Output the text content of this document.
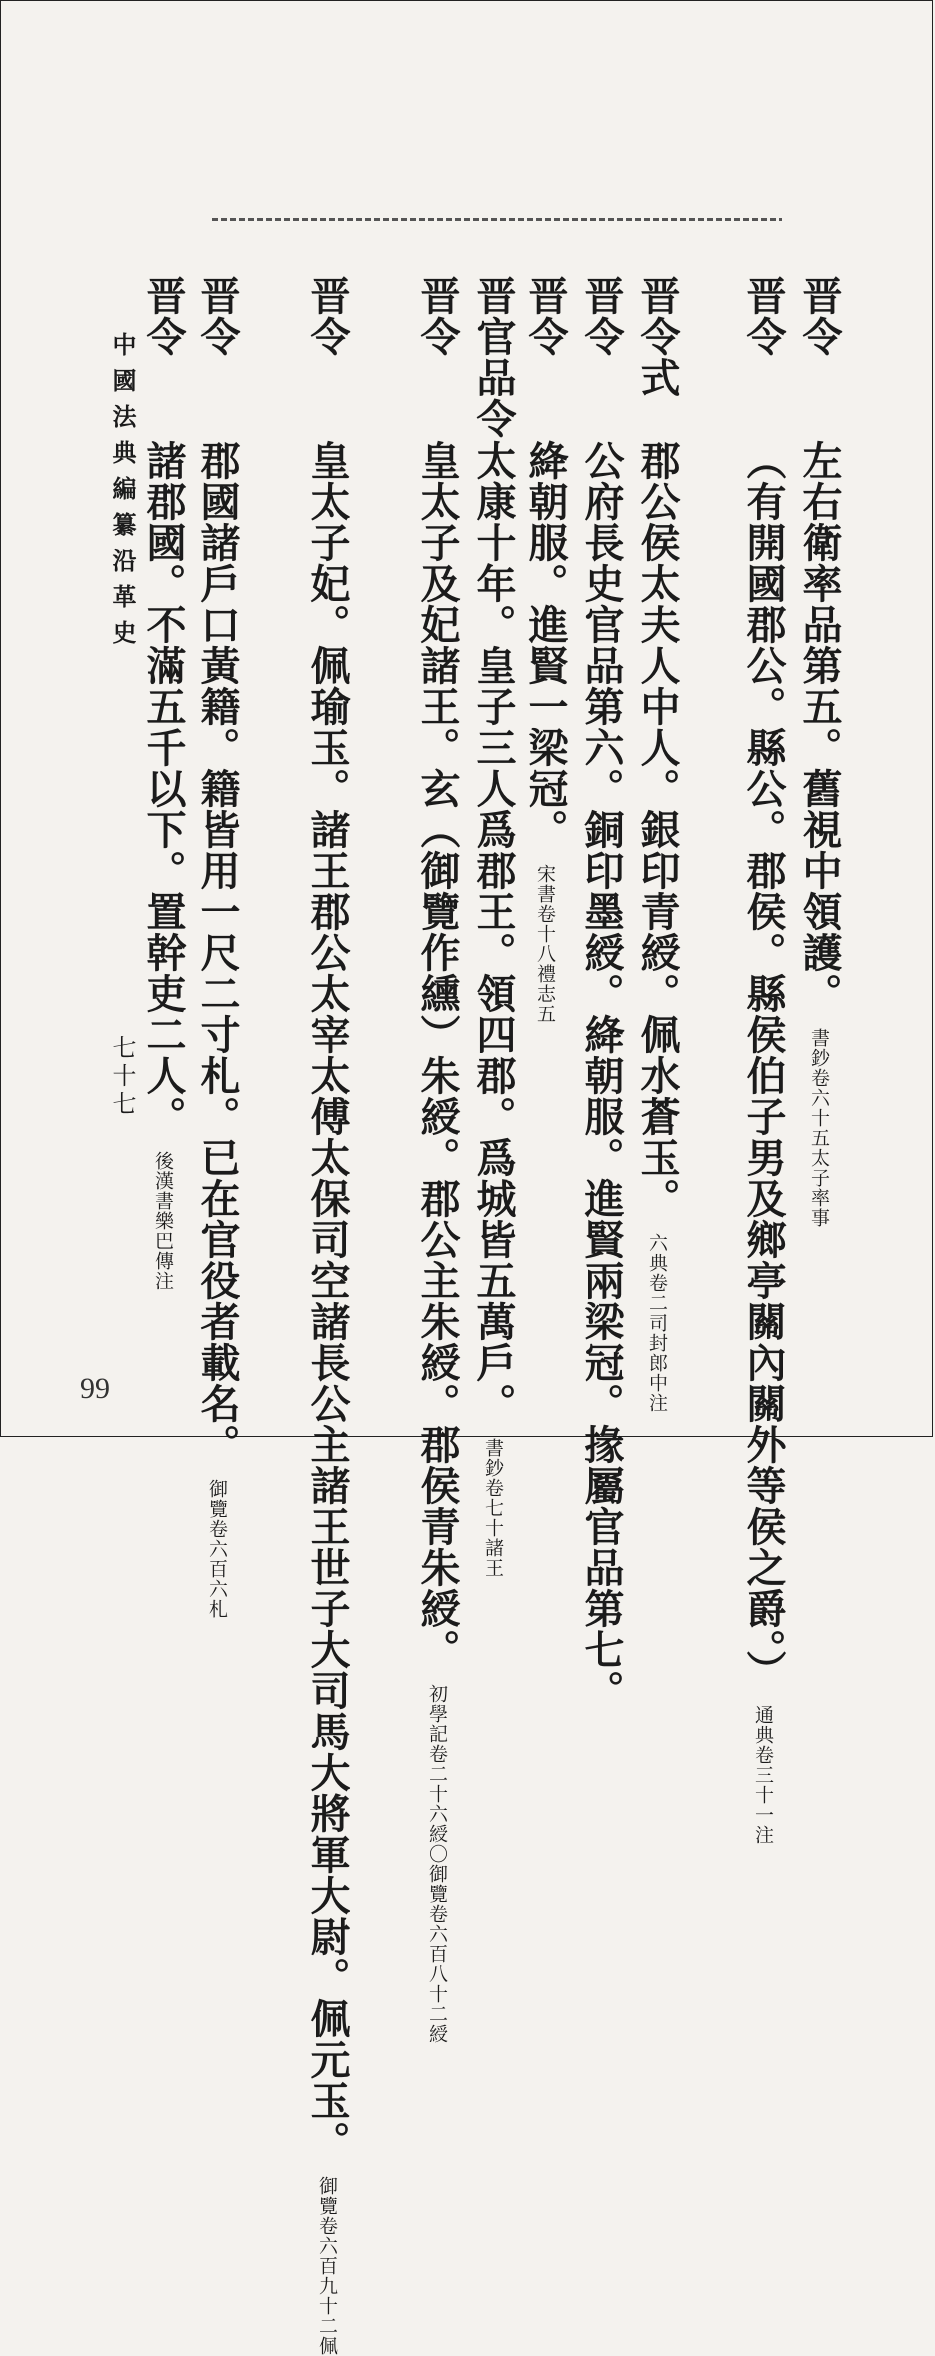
晋令左右衛率品第五。舊視中領護。書鈔卷六十五太子率事
晋令（有開國郡公。縣公。郡侯。縣侯伯子男及鄉亭關內關外等侯之爵。）通典卷三十一注
晋令式郡公侯太夫人中人。銀印青綬。佩水蒼玉。六典卷二司封郎中注
晋令公府長史官品第六。銅印墨綬。絳朝服。進賢兩梁冠。掾屬官品第七。
晋令絳朝服。進賢一梁冠。宋書卷十八禮志五
晋官品令太康十年。皇子三人爲郡王。領四郡。爲城皆五萬戶。書鈔卷七十諸王
晋令皇太子及妃諸王。玄（御覽作纁）朱綬。郡公主朱綬。郡侯青朱綬。初學記卷二十六綬〇御覽卷六百八十二綬
晋令皇太子妃。佩瑜玉。諸王郡公太宰太傅太保司空諸長公主諸王世子大司馬大將軍大尉。佩元玉。御覽卷六百九十二佩
晋令郡國諸戶口黃籍。籍皆用一尺二寸札。已在官役者載名。御覽卷六百六札
晋令諸郡國。不滿五千以下。置幹吏二人。後漢書樂巴傳注
中國法典編纂沿革史
七十七
99
